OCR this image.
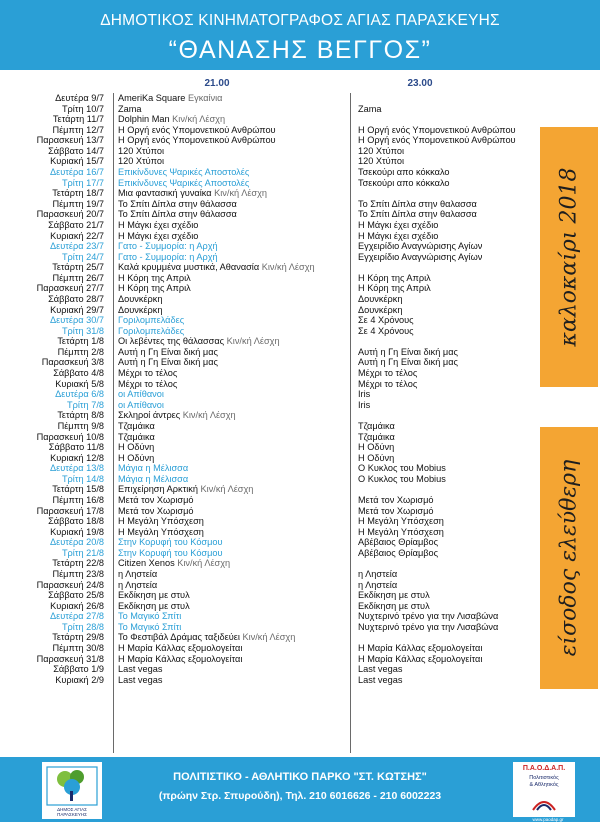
ΔΗΜΟΤΙΚΟΣ ΚΙΝΗΜΑΤΟΓΡΑΦΟΣ ΑΓΙΑΣ ΠΑΡΑΣΚΕΥΗΣ
“ΘΑΝΑΣΗΣ ΒΕΓΓΟΣ”
21.00	23.00
Δευτέρα 9/7 AmeriKa Square Εγκαίνια
Τρίτη 10/7 Zama	Zama
Τετάρτη 11/7 Dolphin Man Κιν/κή Λέσχη
Πέμπτη 12/7 Η Οργή ενός Υπομονετικού Ανθρώπου	Η Οργή ενός Υπομονετικού Ανθρώπου
Παρασκευή 13/7 Η Οργή ενός Υπομονετικού Ανθρώπου	Η Οργή ενός Υπομονετικού Ανθρώπου
Σάββατο 14/7 120 Χτύποι	120 Χτύποι
Κυριακή 15/7 120 Χτύποι	120 Χτύποι
Δευτέρα 16/7 Επικίνδυνες Ψαρικές Αποστολές	Τσεκούρι απο κόκκαλο
Τρίτη 17/7 Επικίνδυνες Ψαρικές Αποστολές	Τσεκούρι απο κόκκαλο
Τετάρτη 18/7 Μια φαντασική γυναίκα Κιν/κή Λέσχη
Πέμπτη 19/7 Το Σπίτι Δίπλα στην θάλασσα	Το Σπίτι Δίπλα στην θαλασσα
Παρασκευή 20/7 Το Σπίτι Δίπλα στην θάλασσα	Το Σπίτι Δίπλα στην θαλασσα
Σάββατο 21/7 Η Μάγκι έχει σχέδιο	Η Μάγκι έχει σχέδιο
Κυριακή 22/7 Η Μάγκι έχει σχέδιο	Η Μάγκι έχει σχέδιο
Δευτέρα 23/7 Γατο - Συμμορία: η Αρχή	Εγχειρίδιο Αναγνώρισης Αγίων
Τρίτη 24/7 Γατο - Συμμορία: η Αρχή	Εγχειρίδιο Αναγνώρισης Αγίων
Τετάρτη 25/7 Καλά κρυμμένα μυστικά, Αθανασία Κιν/κή Λέσχη
Πέμπτη 26/7 Η Κόρη της Απριλ	Η Κόρη της Απριλ
Παρασκευή 27/7 Η Κόρη της Απριλ	Η Κόρη της Απριλ
Σάββατο 28/7 Δουνκέρκη	Δουνκέρκη
Κυριακή 29/7 Δουνκέρκη	Δουνκέρκη
Δευτέρα 30/7 Γοριλομπελάδες	Σε 4 Χρόνους
Τρίτη 31/8 Γοριλομπελάδες	Σε 4 Χρόνους
Τετάρτη 1/8 Οι λεβέντες της θάλασσας Κιν/κή Λέσχη
Πέμπτη 2/8 Αυτή η Γη Είναι δική μας	Αυτή η Γη Είναι δική μας
Παρασκευή 3/8 Αυτή η Γη Είναι δική μας	Αυτή η Γη Είναι δική μας
Σάββατο 4/8 Μέχρι το τέλος	Μέχρι το τέλος
Κυριακή 5/8 Μέχρι το τέλος	Μέχρι το τέλος
Δευτέρα 6/8 οι Απίθανοι	Iris
Τρίτη 7/8 οι Απίθανοι	Iris
Τετάρτη 8/8 Σκληροί άντρες Κιν/κή Λέσχη
Πέμπτη 9/8 Τζαμάικα	Τζαμάικα
Παρασκευή 10/8 Τζαμάικα	Τζαμάικα
Σάββατο 11/8 Η Οδύνη	Η Οδύνη
Κυριακή 12/8 Η Οδύνη	Η Οδύνη
Δευτέρα 13/8 Μάγια η Μέλισσα	Ο Κυκλος του Mobius
Τρίτη 14/8 Μάγια η Μέλισσα	Ο Κυκλος του Mobius
Τετάρτη 15/8 Επιχείρηση Αρκτική Κιν/κή Λέσχη
Πέμπτη 16/8 Μετά τον Χωρισμό	Μετά τον Χωρισμό
Παρασκευή 17/8 Μετά τον Χωρισμό	Μετά τον Χωρισμό
Σάββατο 18/8 Η Μεγάλη Υπόσχεση	Η Μεγάλη Υπόσχεση
Κυριακή 19/8 Η Μεγάλη Υπόσχεση	Η Μεγάλη Υπόσχεση
Δευτέρα 20/8 Στην Κορυφή του Κόσμου	Αβέβαιος Θρίαμβος
Τρίτη 21/8 Στην Κορυφή του Κόσμου	Αβέβαιος Θρίαμβος
Τετάρτη 22/8 Citizen Xenos Κιν/κή Λέσχη
Πέμπτη 23/8 η Ληστεία	η Ληστεία
Παρασκευή 24/8 η Ληστεία	η Ληστεία
Σάββατο 25/8 Εκδίκηση με στυλ	Εκδίκηση με στυλ
Κυριακή 26/8 Εκδίκηση με στυλ	Εκδίκηση με στυλ
Δευτέρα 27/8 Το Μαγικό Σπίτι	Νυχτερινό τρένο για την Λισαβώνα
Τρίτη 28/8 Το Μαγικό Σπίτι	Νυχτερινό τρένο για την Λισαβώνα
Τετάρτη 29/8 Το Φεστιβάλ Δράμας ταξιδεύει Κιν/κή Λέσχη
Πέμπτη 30/8 Η Μαρία Κάλλας εξομολογείται	Η Μαρία Κάλλας εξομολογείται
Παρασκευή 31/8 Η Μαρία Κάλλας εξομολογείται	Η Μαρία Κάλλας εξομολογείται
Σάββατο 1/9 Last vegas	Last vegas
Κυριακή 2/9 Last vegas	Last vegas
καλοκαίρι 2018
είσοδος ελεύθερη
ΔΗΜΟΣ ΑΓΙΑΣ ΠΑΡΑΣΚΕΥΗΣ
ΠΟΛΙΤΙΣΤΙΚΟ - ΑΘΛΗΤΙΚΟ ΠΑΡΚΟ "ΣΤ. ΚΩΤΣΗΣ"
(πρώην Στρ. Σπυρούδη), Τηλ. 210 6016626 - 210 6002223
Π.Α.Ο.Δ.Α.Π.
Πολιτιστικός
& Αθλητικός
www.paodap.gr
